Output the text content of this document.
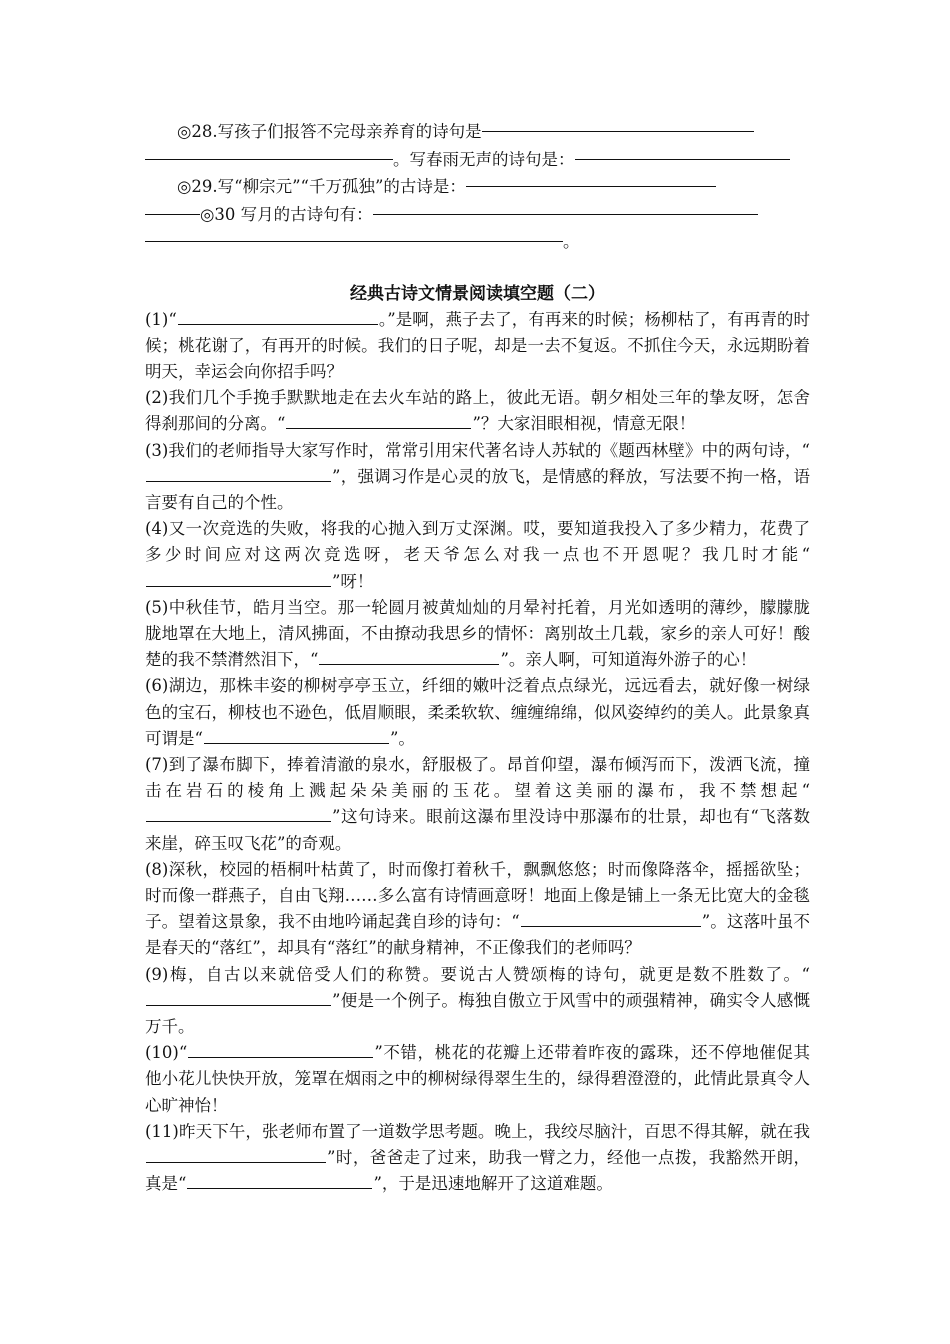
◎28.写孩子们报答不完母亲养育的诗句是
。写春雨无声的诗句是：
◎29.写“柳宗元”“千万孤独”的古诗是：
◎30 写月的古诗句有：
。
经典古诗文情景阅读填空题（二）
(1)“	。”是啊，燕子去了，有再来的时候；杨柳枯了，有再青的时候；桃花谢了，有再开的时候。我们的日子呢，却是一去不复返。不抓住今天，永远期盼着明天，幸运会向你招手吗？
(2)我们几个手挽手默默地走在去火车站的路上，彼此无语。朝夕相处三年的挚友呀，怎舍得刹那间的分离。“	”？大家泪眼相视，情意无限！
(3)我们的老师指导大家写作时，常常引用宋代著名诗人苏轼的《题西林壁》中的两句诗，“”，强调习作是心灵的放飞，是情感的释放，写法要不拘一格，语言要有自己的个性。
(4)又一次竞选的失败，将我的心抛入到万丈深渊。哎，要知道我投入了多少精力，花费了多少时间应对这两次竞选呀，老天爷怎么对我一点也不开恩呢？我几时才能“”呀！
(5)中秋佳节，皓月当空。那一轮圆月被黄灿灿的月晕衬托着，月光如透明的薄纱，朦朦胧胧地罩在大地上，清风拂面，不由撩动我思乡的情怀：离别故土几载，家乡的亲人可好！酸楚的我不禁潸然泪下，“	”。亲人啊，可知道海外游子的心！
(6)湖边，那株丰姿的柳树亭亭玉立，纤细的嫩叶泛着点点绿光，远远看去，就好像一树绿色的宝石，柳枝也不逊色，低眉顺眼，柔柔软软、缠缠绵绵，似风姿绰约的美人。此景象真可谓是“	”。
(7)到了瀑布脚下，捧着清澈的泉水，舒服极了。昂首仰望，瀑布倾泻而下，泼洒飞流，撞击在岩石的棱角上溅起朵朵美丽的玉花。望着这美丽的瀑布，我不禁想起“”这句诗来。眼前这瀑布里没诗中那瀑布的壮景，却也有“飞落数来崖，碎玉叹飞花”的奇观。
(8)深秋，校园的梧桐叶枯黄了，时而像打着秋千，飘飘悠悠；时而像降落伞，摇摇欲坠；时而像一群燕子，自由飞翔……多么富有诗情画意呀！地面上像是铺上一条无比宽大的金毯子。望着这景象，我不由地吟诵起龚自珍的诗句：“	”。这落叶虽不是春天的“落红”，却具有“落红”的献身精神，不正像我们的老师吗？
(9)梅，自古以来就倍受人们的称赞。要说古人赞颂梅的诗句，就更是数不胜数了。“”便是一个例子。梅独自傲立于风雪中的顽强精神，确实令人感慨万千。
(10)“	”不错，桃花的花瓣上还带着昨夜的露珠，还不停地催促其他小花儿快快开放，笼罩在烟雨之中的柳树绿得翠生生的，绿得碧澄澄的，此情此景真令人心旷神怡！
(11)昨天下午，张老师布置了一道数学思考题。晚上，我绞尽脑汁，百思不得其解，就在我”时，爸爸走了过来，助我一臂之力，经他一点拨，我豁然开朗，真是“	”，于是迅速地解开了这道难题。
